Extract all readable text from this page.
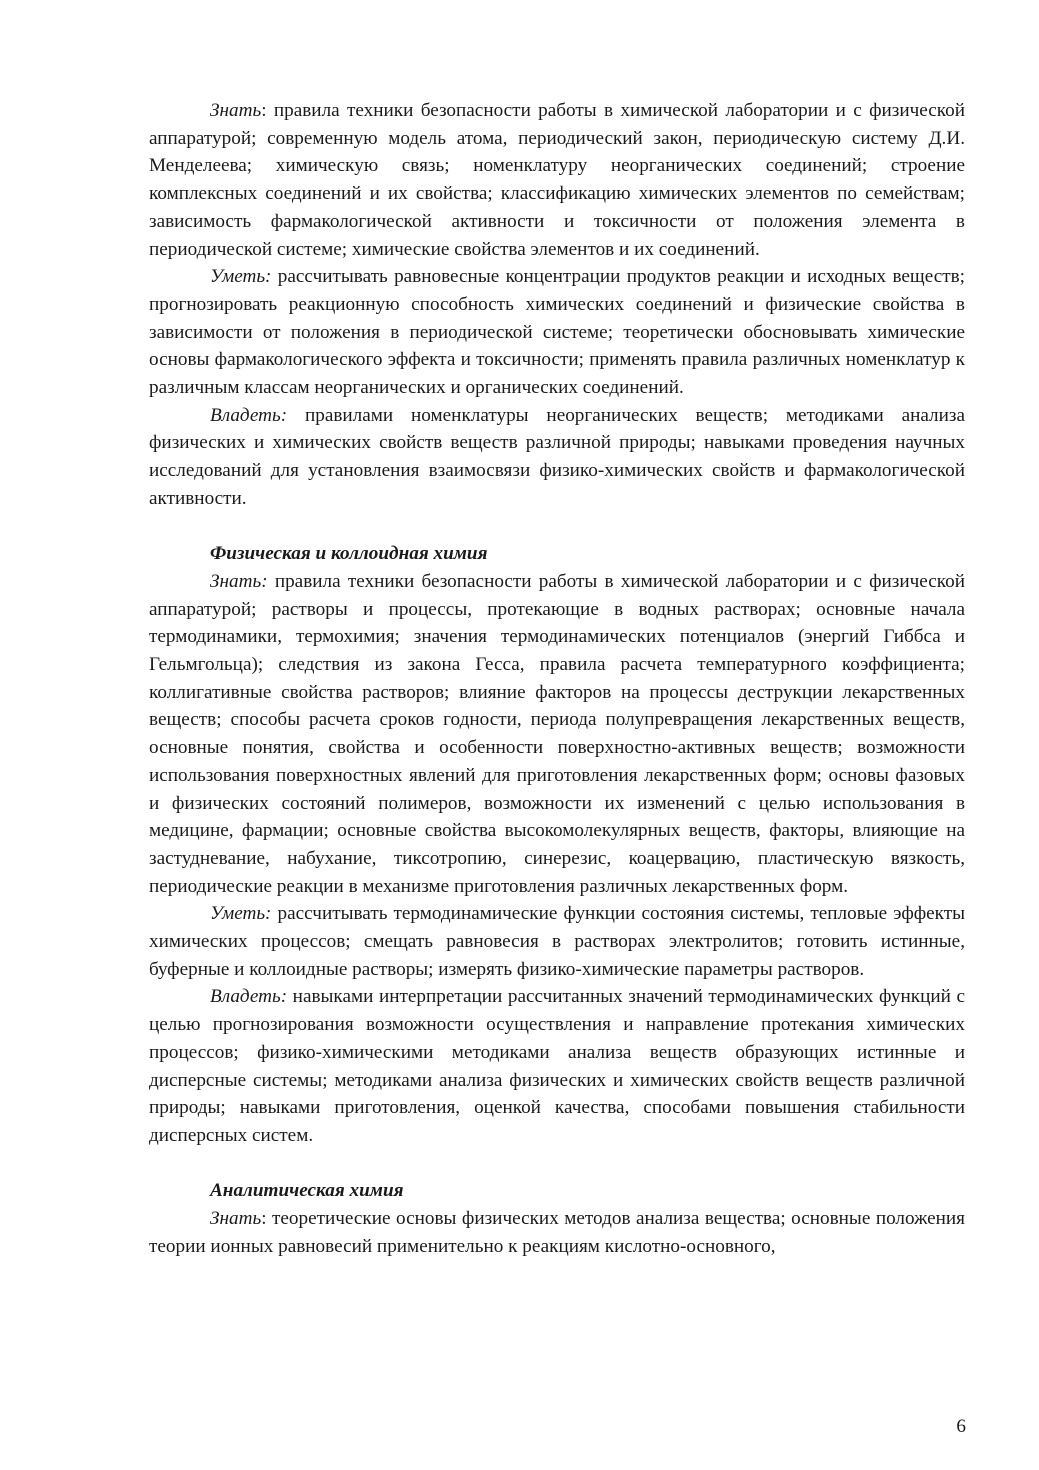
Знать: правила техники безопасности работы в химической лаборатории и с физической аппаратурой; современную модель атома, периодический закон, периодическую систему Д.И. Менделеева; химическую связь; номенклатуру неорганических соединений; строение комплексных соединений и их свойства; классификацию химических элементов по семействам; зависимость фармакологической активности и токсичности от положения элемента в периодической системе; химические свойства элементов и их соединений.

Уметь: рассчитывать равновесные концентрации продуктов реакции и исходных веществ; прогнозировать реакционную способность химических соединений и физические свойства в зависимости от положения в периодической системе; теоретически обосновывать химические основы фармакологического эффекта и токсичности; применять правила различных номенклатур к различным классам неорганических и органических соединений.

Владеть: правилами номенклатуры неорганических веществ; методиками анализа физических и химических свойств веществ различной природы; навыками проведения научных исследований для установления взаимосвязи физико-химических свойств и фармакологической активности.

Физическая и коллоидная химия

Знать: правила техники безопасности работы в химической лаборатории и с физической аппаратурой; растворы и процессы, протекающие в водных растворах; основные начала термодинамики, термохимия; значения термодинамических потенциалов (энергий Гиббса и Гельмгольца); следствия из закона Гесса, правила расчета температурного коэффициента; коллигативные свойства растворов; влияние факторов на процессы деструкции лекарственных веществ; способы расчета сроков годности, периода полупревращения лекарственных веществ, основные понятия, свойства и особенности поверхностно-активных веществ; возможности использования поверхностных явлений для приготовления лекарственных форм; основы фазовых и физических состояний полимеров, возможности их изменений с целью использования в медицине, фармации; основные свойства высокомолекулярных веществ, факторы, влияющие на застудневание, набухание, тиксотропию, синерезис, коацервацию, пластическую вязкость, периодические реакции в механизме приготовления различных лекарственных форм.

Уметь: рассчитывать термодинамические функции состояния системы, тепловые эффекты химических процессов; смещать равновесия в растворах электролитов; готовить истинные, буферные и коллоидные растворы; измерять физико-химические параметры растворов.

Владеть: навыками интерпретации рассчитанных значений термодинамических функций с целью прогнозирования возможности осуществления и направление протекания химических процессов; физико-химическими методиками анализа веществ образующих истинные и дисперсные системы; методиками анализа физических и химических свойств веществ различной природы; навыками приготовления, оценкой качества, способами повышения стабильности дисперсных систем.

Аналитическая химия

Знать: теоретические основы физических методов анализа вещества; основные положения теории ионных равновесий применительно к реакциям кислотно-основного,

6
